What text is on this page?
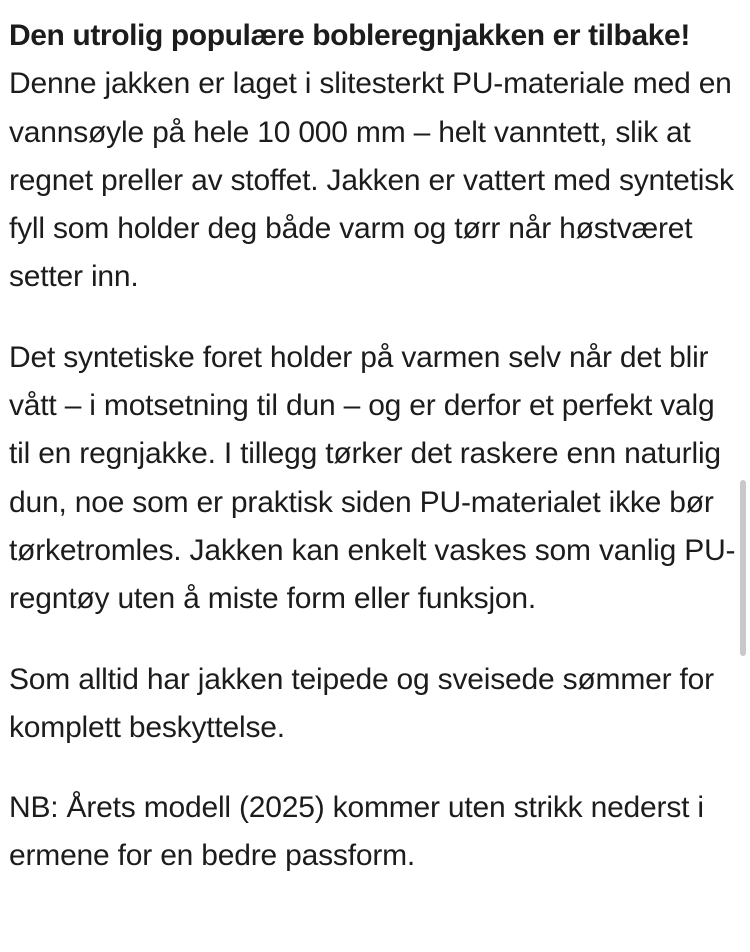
Den utrolig populære bobleregnjakken er tilbake!
Denne jakken er laget i slitesterkt PU-materiale med en vannsøyle på hele 10 000 mm – helt vanntett, slik at regnet preller av stoffet. Jakken er vattert med syntetisk fyll som holder deg både varm og tørr når høstværet setter inn.

Det syntetiske foret holder på varmen selv når det blir vått – i motsetning til dun – og er derfor et perfekt valg til en regnjakke. I tillegg tørker det raskere enn naturlig dun, noe som er praktisk siden PU-materialet ikke bør tørketromles. Jakken kan enkelt vaskes som vanlig PU-regntøy uten å miste form eller funksjon.

Som alltid har jakken teipede og sveisede sømmer for komplett beskyttelse.

NB: Årets modell (2025) kommer uten strikk nederst i ermene for en bedre passform.
